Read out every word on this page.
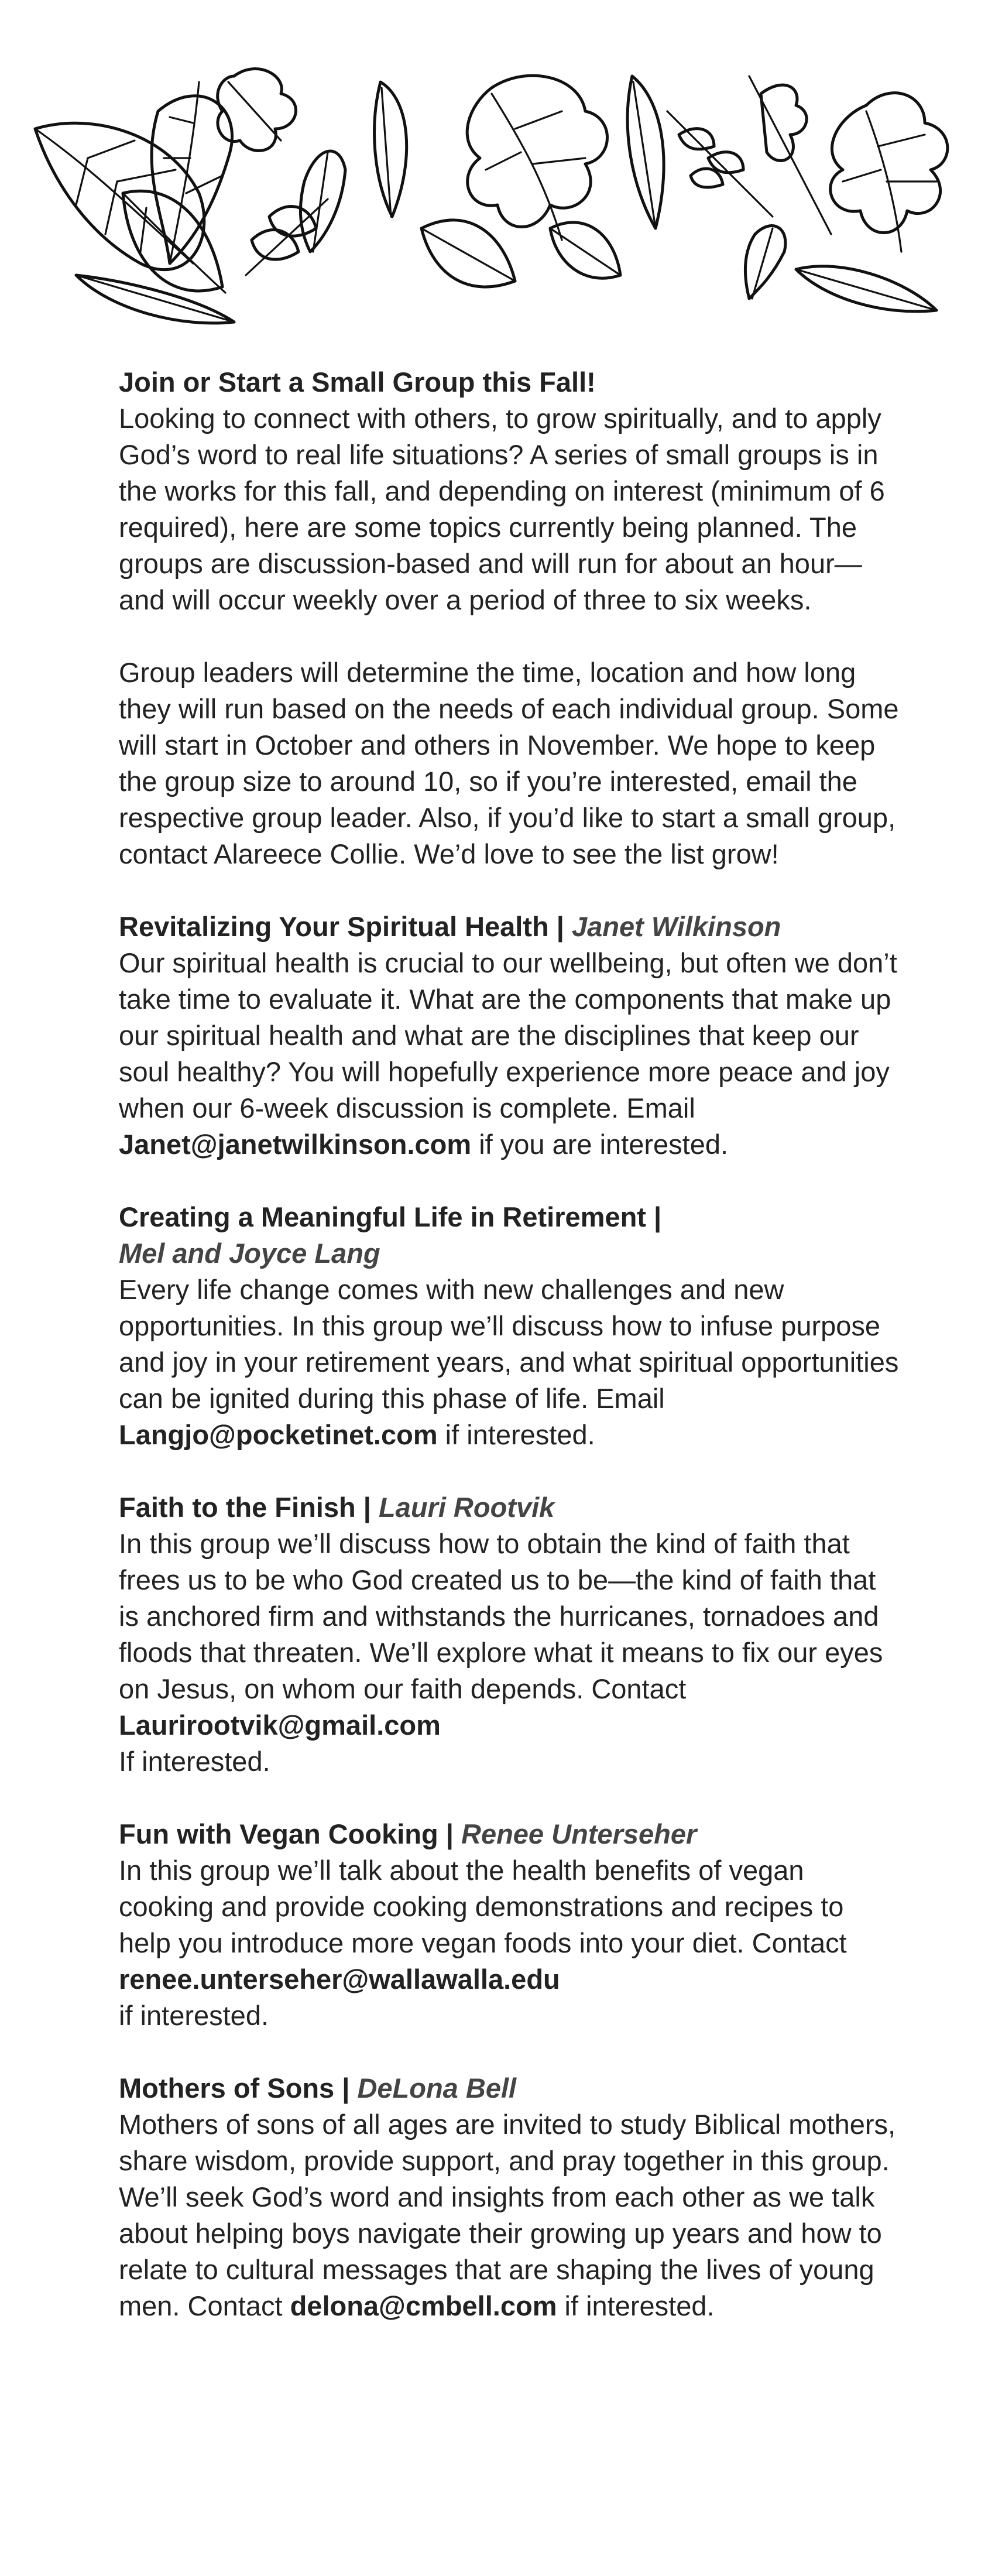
Join or Start a Small Group this Fall!

Looking to connect with others, to grow spiritually, and to apply God’s word to real life situations? A series of small groups is in the works for this fall, and depending on interest (minimum of 6 required), here are some topics currently being planned. The groups are discussion-based and will run for about an hour—and will occur weekly over a period of three to six weeks.

Group leaders will determine the time, location and how long they will run based on the needs of each individual group. Some will start in October and others in November. We hope to keep the group size to around 10, so if you’re interested, email the respective group leader. Also, if you’d like to start a small group, contact Alareece Collie. We’d love to see the list grow!

Revitalizing Your Spiritual Health | Janet Wilkinson

Our spiritual health is crucial to our wellbeing, but often we don’t take time to evaluate it. What are the components that make up our spiritual health and what are the disciplines that keep our soul healthy? You will hopefully experience more peace and joy when our 6-week discussion is complete. Email Janet@janetwilkinson.com if you are interested.

Creating a Meaningful Life in Retirement |
Mel and Joyce Lang

Every life change comes with new challenges and new opportunities. In this group we’ll discuss how to infuse purpose and joy in your retirement years, and what spiritual opportunities can be ignited during this phase of life. Email Langjo@pocketinet.com if interested.

Faith to the Finish | Lauri Rootvik

In this group we’ll discuss how to obtain the kind of faith that frees us to be who God created us to be—the kind of faith that is anchored firm and withstands the hurricanes, tornadoes and floods that threaten. We’ll explore what it means to fix our eyes on Jesus, on whom our faith depends. Contact Laurirootvik@gmail.com
If interested.

Fun with Vegan Cooking | Renee Unterseher

In this group we’ll talk about the health benefits of vegan cooking and provide cooking demonstrations and recipes to help you introduce more vegan foods into your diet. Contact renee.unterseher@wallawalla.edu
if interested.

Mothers of Sons | DeLona Bell

Mothers of sons of all ages are invited to study Biblical mothers, share wisdom, provide support, and pray together in this group. We’ll seek God’s word and insights from each other as we talk about helping boys navigate their growing up years and how to relate to cultural messages that are shaping the lives of young men. Contact delona@cmbell.com if interested.
